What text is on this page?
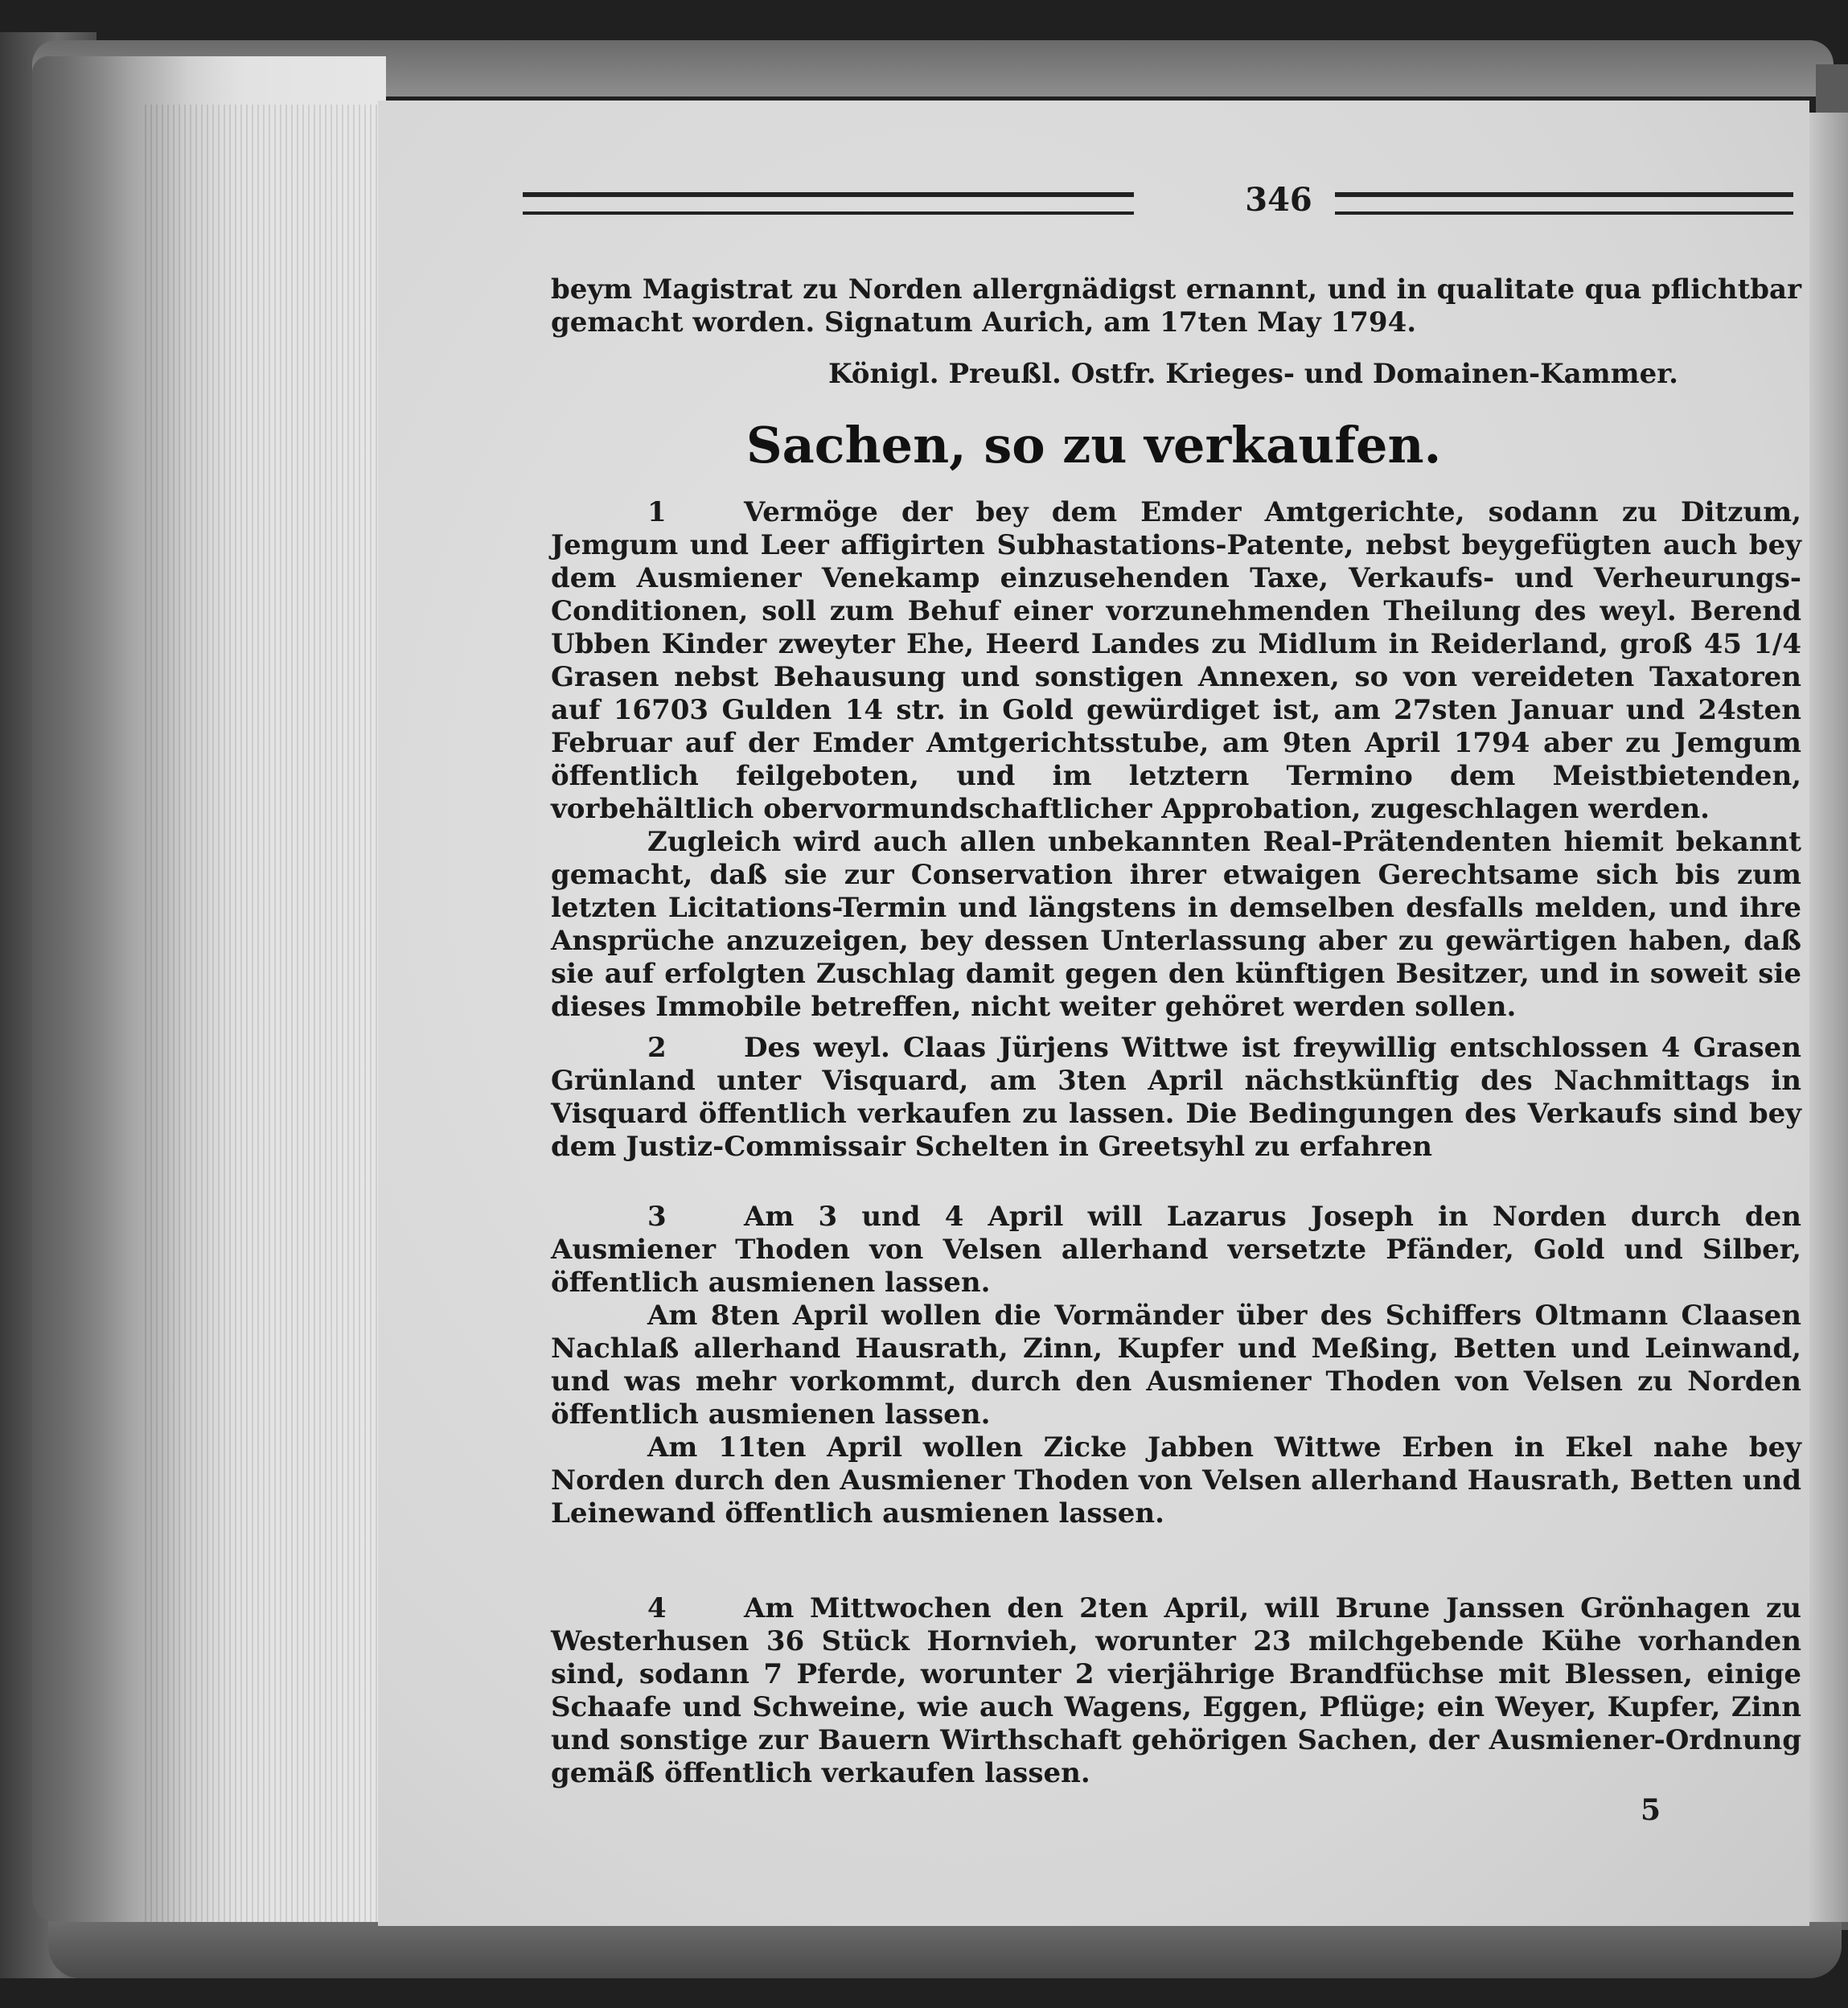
346

beym Magistrat zu Norden allergnädigst ernannt, und in qualitate qua pflichtbar gemacht worden. Signatum Aurich, am 17ten May 1794.

Königl. Preußl. Ostfr. Krieges- und Domainen-Kammer.
Sachen, so zu verkaufen.

1	Vermöge der bey dem Emder Amtgerichte, sodann zu Ditzum, Jemgum und Leer affigirten Subhastations-Patente, nebst beygefügten auch bey dem Ausmiener Venekamp einzusehenden Taxe, Verkaufs- und Verheurungs-Conditionen, soll zum Behuf einer vorzunehmenden Theilung des weyl. Berend Ubben Kinder zweyter Ehe, Heerd Landes zu Midlum in Reiderland, groß 45 1/4 Grasen nebst Behausung und sonstigen Annexen, so von vereideten Taxatoren auf 16703 Gulden 14 str. in Gold gewürdiget ist, am 27sten Januar und 24sten Februar auf der Emder Amtgerichtsstube, am 9ten April 1794 aber zu Jemgum öffentlich feilgeboten, und im letztern Termino dem Meistbietenden, vorbehältlich obervormundschaftlicher Approbation, zugeschlagen werden.

Zugleich wird auch allen unbekannten Real-Prätendenten hiemit bekannt gemacht, daß sie zur Conservation ihrer etwaigen Gerechtsame sich bis zum letzten Licitations-Termin und längstens in demselben desfalls melden, und ihre Ansprüche anzuzeigen, bey dessen Unterlassung aber zu gewärtigen haben, daß sie auf erfolgten Zuschlag damit gegen den künftigen Besitzer, und in soweit sie dieses Immobile betreffen, nicht weiter gehöret werden sollen.

2	Des weyl. Claas Jürjens Wittwe ist freywillig entschlossen 4 Grasen Grünland unter Visquard, am 3ten April nächstkünftig des Nachmittags in Visquard öffentlich verkaufen zu lassen. Die Bedingungen des Verkaufs sind bey dem Justiz-Commissair Schelten in Greetsyhl zu erfahren

3	Am 3 und 4 April will Lazarus Joseph in Norden durch den Ausmiener Thoden von Velsen allerhand versetzte Pfänder, Gold und Silber, öffentlich ausmienen lassen.

Am 8ten April wollen die Vormänder über des Schiffers Oltmann Claasen Nachlaß allerhand Hausrath, Zinn, Kupfer und Meßing, Betten und Leinwand, und was mehr vorkommt, durch den Ausmiener Thoden von Velsen zu Norden öffentlich ausmienen lassen.

Am 11ten April wollen Zicke Jabben Wittwe Erben in Ekel nahe bey Norden durch den Ausmiener Thoden von Velsen allerhand Hausrath, Betten und Leinewand öffentlich ausmienen lassen.

4	Am Mittwochen den 2ten April, will Brune Janssen Grönhagen zu Westerhusen 36 Stück Hornvieh, worunter 23 milchgebende Kühe vorhanden sind, sodann 7 Pferde, worunter 2 vierjährige Brandfüchse mit Blessen, einige Schaafe und Schweine, wie auch Wagens, Eggen, Pflüge; ein Weyer, Kupfer, Zinn und sonstige zur Bauern Wirthschaft gehörigen Sachen, der Ausmiener-Ordnung gemäß öffentlich verkaufen lassen.

5
